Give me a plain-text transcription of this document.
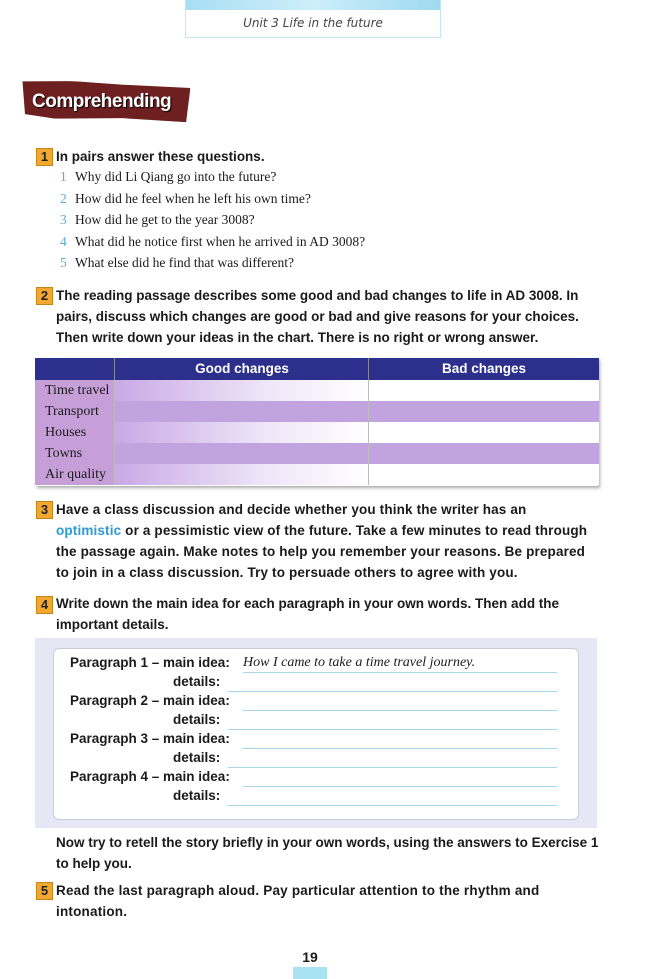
Unit 3 Life in the future
Comprehending
1 In pairs answer these questions.
1 Why did Li Qiang go into the future?
2 How did he feel when he left his own time?
3 How did he get to the year 3008?
4 What did he notice first when he arrived in AD 3008?
5 What else did he find that was different?
2 The reading passage describes some good and bad changes to life in AD 3008. In
pairs, discuss which changes are good or bad and give reasons for your choices.
Then write down your ideas in the chart. There is no right or wrong answer.
Good changes	Bad changes
Time travel
Transport
Houses
Towns
Air quality
3 Have a class discussion and decide whether you think the writer has an
optimistic or a pessimistic view of the future. Take a few minutes to read through
the passage again. Make notes to help you remember your reasons. Be prepared
to join in a class discussion. Try to persuade others to agree with you.
4 Write down the main idea for each paragraph in your own words. Then add the
important details.
Paragraph 1 – main idea: How I came to take a time travel journey.
details:
Paragraph 2 – main idea:
details:
Paragraph 3 – main idea:
details:
Paragraph 4 – main idea:
details:
Now try to retell the story briefly in your own words, using the answers to Exercise 1
to help you.
5 Read the last paragraph aloud. Pay particular attention to the rhythm and
intonation.
19
